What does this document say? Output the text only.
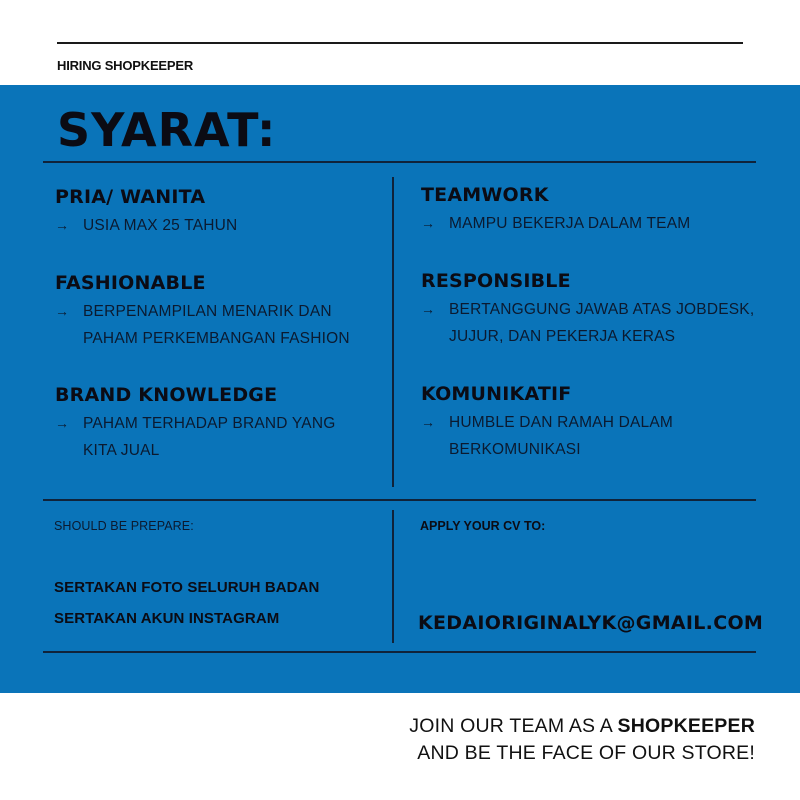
HIRING SHOPKEEPER
SYARAT:
PRIA/ WANITA
→ USIA MAX 25 TAHUN
FASHIONABLE
→ BERPENAMPILAN MENARIK DAN
PAHAM PERKEMBANGAN FASHION
BRAND KNOWLEDGE
→ PAHAM TERHADAP BRAND YANG
KITA JUAL
TEAMWORK
→ MAMPU BEKERJA DALAM TEAM
RESPONSIBLE
→ BERTANGGUNG JAWAB ATAS JOBDESK,
JUJUR, DAN PEKERJA KERAS
KOMUNIKATIF
→ HUMBLE DAN RAMAH DALAM
BERKOMUNIKASI
SHOULD BE PREPARE:
SERTAKAN FOTO SELURUH BADAN
SERTAKAN AKUN INSTAGRAM
APPLY YOUR CV TO:
KEDAIORIGINALYK@GMAIL.COM
JOIN OUR TEAM AS A SHOPKEEPER
AND BE THE FACE OF OUR STORE!
